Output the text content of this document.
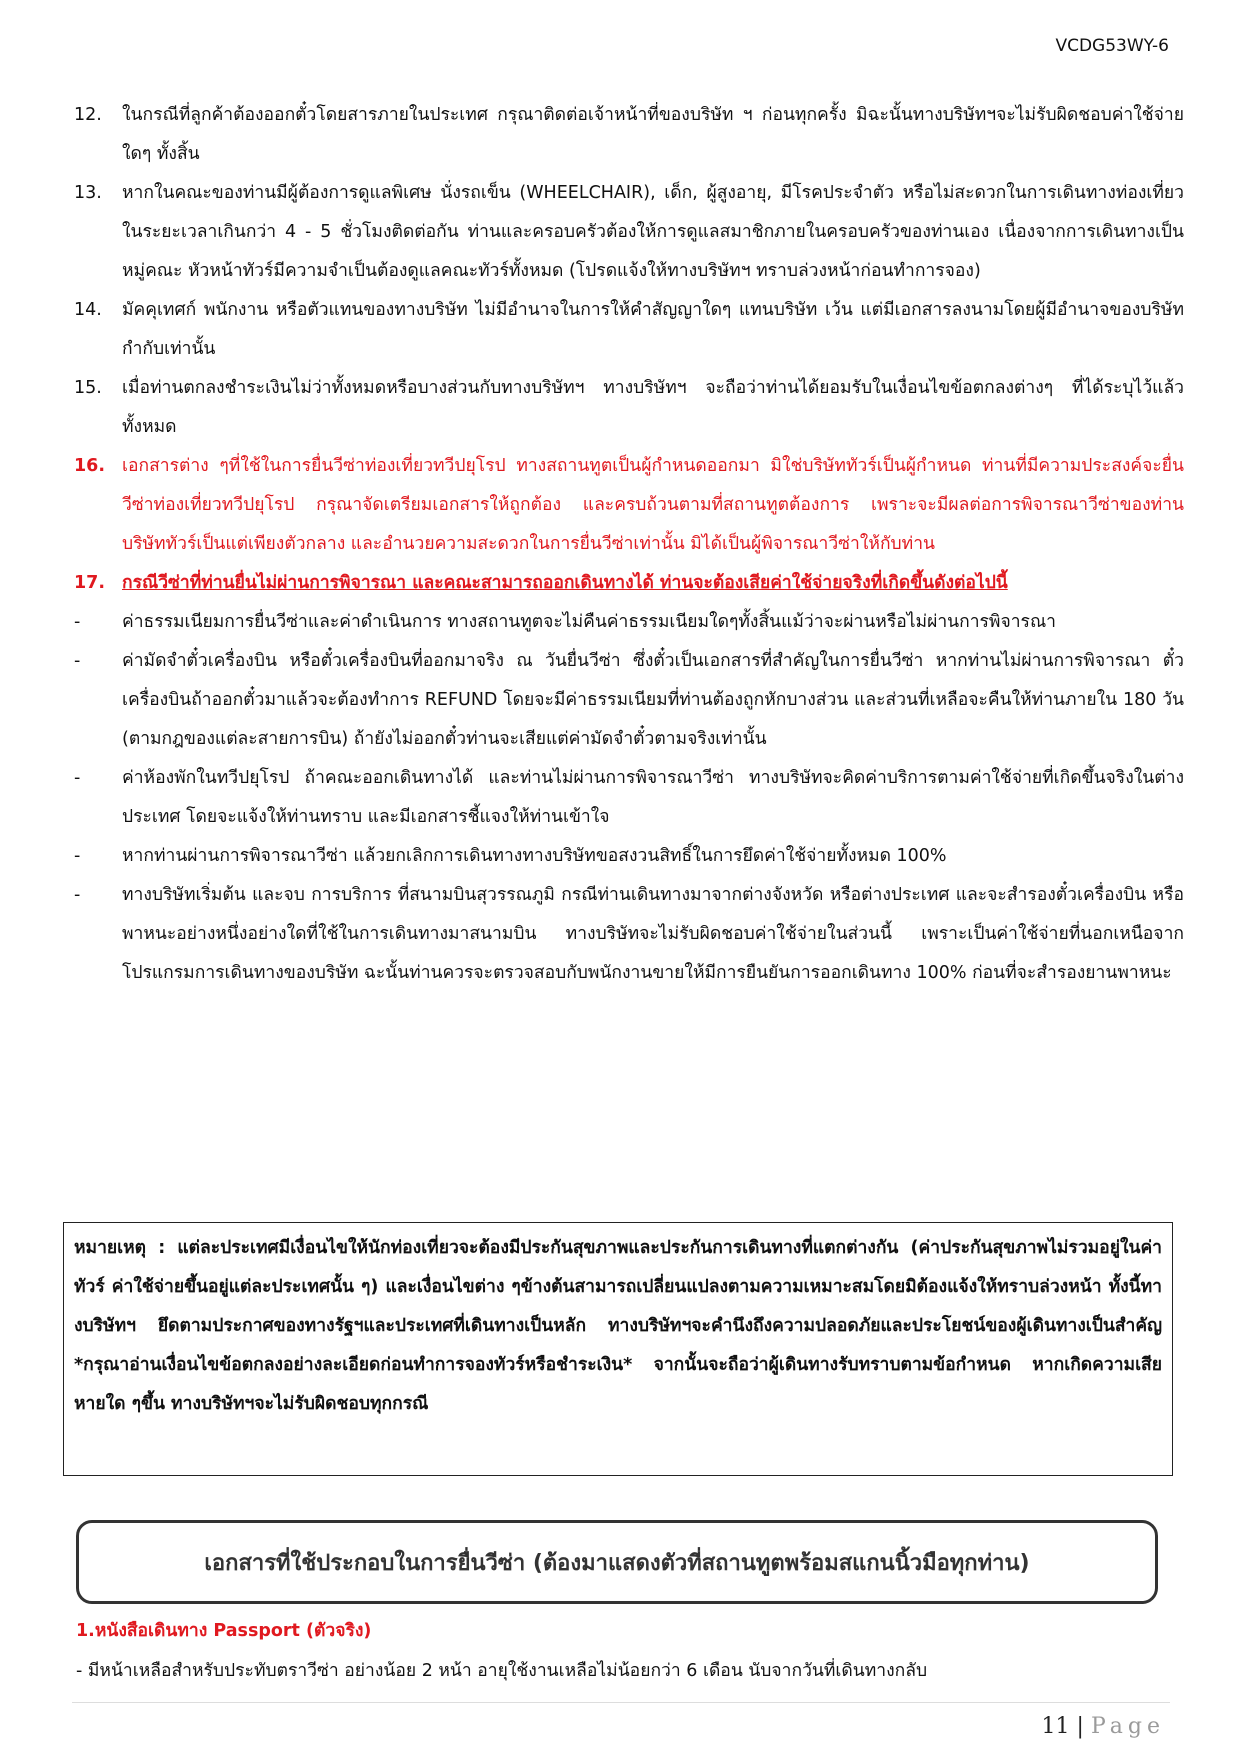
VCDG53WY-6
12.	ในกรณีที่ลูกค้าต้องออกตั๋วโดยสารภายในประเทศ กรุณาติดต่อเจ้าหน้าที่ของบริษัท ฯ ก่อนทุกครั้ง มิฉะนั้นทางบริษัทฯจะไม่รับผิดชอบค่าใช้จ่ายใดๆ ทั้งสิ้น
13.	หากในคณะของท่านมีผู้ต้องการดูแลพิเศษ นั่งรถเข็น (WHEELCHAIR), เด็ก, ผู้สูงอายุ, มีโรคประจำตัว หรือไม่สะดวกในการเดินทางท่องเที่ยวในระยะเวลาเกินกว่า 4 - 5 ชั่วโมงติดต่อกัน ท่านและครอบครัวต้องให้การดูแลสมาชิกภายในครอบครัวของท่านเอง เนื่องจากการเดินทางเป็นหมู่คณะ หัวหน้าทัวร์มีความจำเป็นต้องดูแลคณะทัวร์ทั้งหมด (โปรดแจ้งให้ทางบริษัทฯ ทราบล่วงหน้าก่อนทำการจอง)
14.	มัคคุเทศก์ พนักงาน หรือตัวแทนของทางบริษัท ไม่มีอำนาจในการให้คำสัญญาใดๆ แทนบริษัท เว้น แต่มีเอกสารลงนามโดยผู้มีอำนาจของบริษัทกำกับเท่านั้น
15.	เมื่อท่านตกลงชำระเงินไม่ว่าทั้งหมดหรือบางส่วนกับทางบริษัทฯ ทางบริษัทฯ จะถือว่าท่านได้ยอมรับในเงื่อนไขข้อตกลงต่างๆ ที่ได้ระบุไว้แล้วทั้งหมด
16. เอกสารต่าง ๆที่ใช้ในการยื่นวีซ่าท่องเที่ยวทวีปยุโรป ทางสถานทูตเป็นผู้กำหนดออกมา มิใช่บริษัททัวร์เป็นผู้กำหนด ท่านที่มีความประสงค์จะยื่นวีซ่าท่องเที่ยวทวีปยุโรป กรุณาจัดเตรียมเอกสารให้ถูกต้อง และครบถ้วนตามที่สถานทูตต้องการ เพราะจะมีผลต่อการพิจารณาวีซ่าของท่าน บริษัททัวร์เป็นแต่เพียงตัวกลาง และอำนวยความสะดวกในการยื่นวีซ่าเท่านั้น มิได้เป็นผู้พิจารณาวีซ่าให้กับท่าน
17. กรณีวีซ่าที่ท่านยื่นไม่ผ่านการพิจารณา และคณะสามารถออกเดินทางได้ ท่านจะต้องเสียค่าใช้จ่ายจริงที่เกิดขึ้นดังต่อไปนี้
-	ค่าธรรมเนียมการยื่นวีซ่าและค่าดำเนินการ ทางสถานทูตจะไม่คืนค่าธรรมเนียมใดๆทั้งสิ้นแม้ว่าจะผ่านหรือไม่ผ่านการพิจารณา
-	ค่ามัดจำตั๋วเครื่องบิน หรือตั๋วเครื่องบินที่ออกมาจริง ณ วันยื่นวีซ่า ซึ่งตั๋วเป็นเอกสารที่สำคัญในการยื่นวีซ่า หากท่านไม่ผ่านการพิจารณา ตั๋วเครื่องบินถ้าออกตั๋วมาแล้วจะต้องทำการ REFUND โดยจะมีค่าธรรมเนียมที่ท่านต้องถูกหักบางส่วน และส่วนที่เหลือจะคืนให้ท่านภายใน 180 วัน (ตามกฎของแต่ละสายการบิน) ถ้ายังไม่ออกตั๋วท่านจะเสียแต่ค่ามัดจำตั๋วตามจริงเท่านั้น
-	ค่าห้องพักในทวีปยุโรป ถ้าคณะออกเดินทางได้ และท่านไม่ผ่านการพิจารณาวีซ่า ทางบริษัทจะคิดค่าบริการตามค่าใช้จ่ายที่เกิดขึ้นจริงในต่างประเทศ โดยจะแจ้งให้ท่านทราบ และมีเอกสารชี้แจงให้ท่านเข้าใจ
-	หากท่านผ่านการพิจารณาวีซ่า แล้วยกเลิกการเดินทางทางบริษัทขอสงวนสิทธิ์ในการยึดค่าใช้จ่ายทั้งหมด 100%
-	ทางบริษัทเริ่มต้น และจบ การบริการ ที่สนามบินสุวรรณภูมิ กรณีท่านเดินทางมาจากต่างจังหวัด หรือต่างประเทศ และจะสำรองตั๋วเครื่องบิน หรือพาหนะอย่างหนึ่งอย่างใดที่ใช้ในการเดินทางมาสนามบิน ทางบริษัทจะไม่รับผิดชอบค่าใช้จ่ายในส่วนนี้ เพราะเป็นค่าใช้จ่ายที่นอกเหนือจากโปรแกรมการเดินทางของบริษัท ฉะนั้นท่านควรจะตรวจสอบกับพนักงานขายให้มีการยืนยันการออกเดินทาง 100% ก่อนที่จะสำรองยานพาหนะ
หมายเหตุ : แต่ละประเทศมีเงื่อนไขให้นักท่องเที่ยวจะต้องมีประกันสุขภาพและประกันการเดินทางที่แตกต่างกัน (ค่าประกันสุขภาพไม่รวมอยู่ในค่าทัวร์ ค่าใช้จ่ายขึ้นอยู่แต่ละประเทศนั้น ๆ) และเงื่อนไขต่าง ๆข้างต้นสามารถเปลี่ยนแปลงตามความเหมาะสมโดยมิต้องแจ้งให้ทราบล่วงหน้า ทั้งนี้ทางบริษัทฯ ยึดตามประกาศของทางรัฐฯและประเทศที่เดินทางเป็นหลัก ทางบริษัทฯจะคำนึงถึงความปลอดภัยและประโยชน์ของผู้เดินทางเป็นสำคัญ *กรุณาอ่านเงื่อนไขข้อตกลงอย่างละเอียดก่อนทำการจองทัวร์หรือชำระเงิน* จากนั้นจะถือว่าผู้เดินทางรับทราบตามข้อกำหนด หากเกิดความเสียหายใด ๆขึ้น ทางบริษัทฯจะไม่รับผิดชอบทุกกรณี
เอกสารที่ใช้ประกอบในการยื่นวีซ่า (ต้องมาแสดงตัวที่สถานทูตพร้อมสแกนนิ้วมือทุกท่าน)
1.หนังสือเดินทาง Passport (ตัวจริง)
- มีหน้าเหลือสำหรับประทับตราวีซ่า อย่างน้อย 2 หน้า อายุใช้งานเหลือไม่น้อยกว่า 6 เดือน นับจากวันที่เดินทางกลับ
11 | Page
